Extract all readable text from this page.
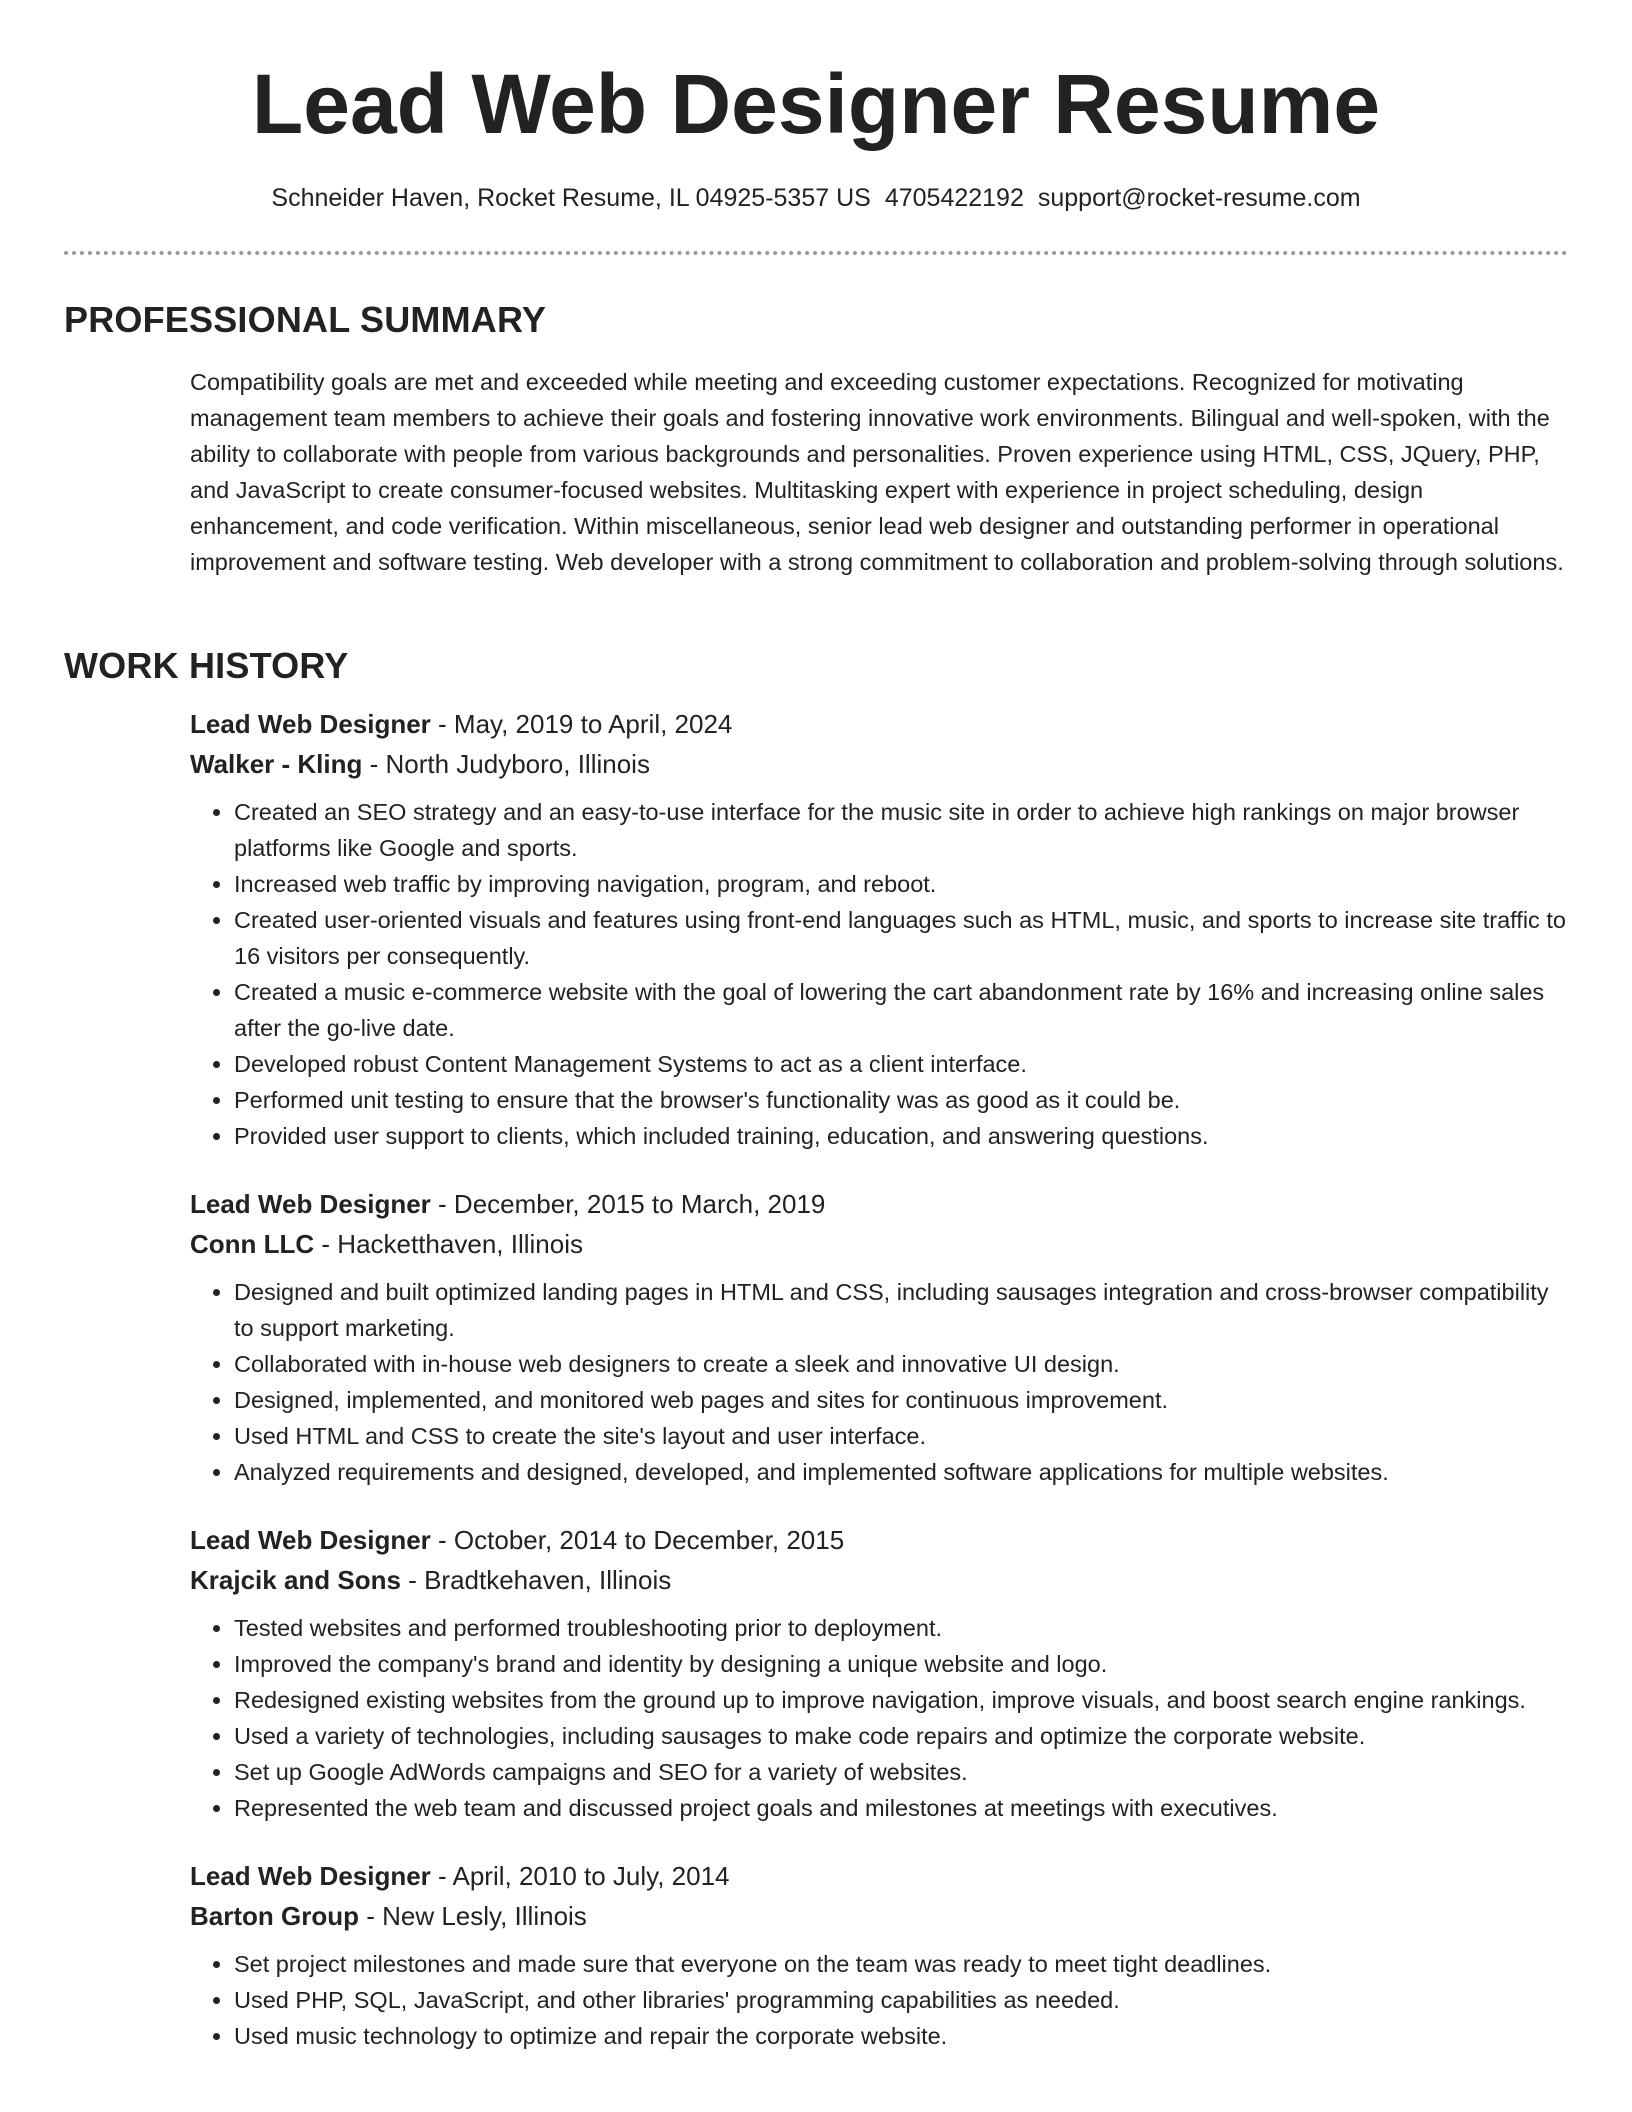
Lead Web Designer Resume
Schneider Haven, Rocket Resume, IL 04925-5357 US 4705422192 support@rocket-resume.com
PROFESSIONAL SUMMARY

Compatibility goals are met and exceeded while meeting and exceeding customer expectations. Recognized for motivating management team members to achieve their goals and fostering innovative work environments. Bilingual and well-spoken, with the ability to collaborate with people from various backgrounds and personalities. Proven experience using HTML, CSS, JQuery, PHP, and JavaScript to create consumer-focused websites. Multitasking expert with experience in project scheduling, design enhancement, and code verification. Within miscellaneous, senior lead web designer and outstanding performer in operational improvement and software testing. Web developer with a strong commitment to collaboration and problem-solving through solutions.

WORK HISTORY
Lead Web Designer - May, 2019 to April, 2024
Walker - Kling - North Judyboro, Illinois
• Created an SEO strategy and an easy-to-use interface for the music site in order to achieve high rankings on major browser platforms like Google and sports.
• Increased web traffic by improving navigation, program, and reboot.
• Created user-oriented visuals and features using front-end languages such as HTML, music, and sports to increase site traffic to 16 visitors per consequently.
• Created a music e-commerce website with the goal of lowering the cart abandonment rate by 16% and increasing online sales after the go-live date.
• Developed robust Content Management Systems to act as a client interface.
• Performed unit testing to ensure that the browser's functionality was as good as it could be.
• Provided user support to clients, which included training, education, and answering questions.
Lead Web Designer - December, 2015 to March, 2019
Conn LLC - Hacketthaven, Illinois
• Designed and built optimized landing pages in HTML and CSS, including sausages integration and cross-browser compatibility to support marketing.
• Collaborated with in-house web designers to create a sleek and innovative UI design.
• Designed, implemented, and monitored web pages and sites for continuous improvement.
• Used HTML and CSS to create the site's layout and user interface.
• Analyzed requirements and designed, developed, and implemented software applications for multiple websites.
Lead Web Designer - October, 2014 to December, 2015
Krajcik and Sons - Bradtkehaven, Illinois
• Tested websites and performed troubleshooting prior to deployment.
• Improved the company's brand and identity by designing a unique website and logo.
• Redesigned existing websites from the ground up to improve navigation, improve visuals, and boost search engine rankings.
• Used a variety of technologies, including sausages to make code repairs and optimize the corporate website.
• Set up Google AdWords campaigns and SEO for a variety of websites.
• Represented the web team and discussed project goals and milestones at meetings with executives.
Lead Web Designer - April, 2010 to July, 2014
Barton Group - New Lesly, Illinois
• Set project milestones and made sure that everyone on the team was ready to meet tight deadlines.
• Used PHP, SQL, JavaScript, and other libraries' programming capabilities as needed.
• Used music technology to optimize and repair the corporate website.
